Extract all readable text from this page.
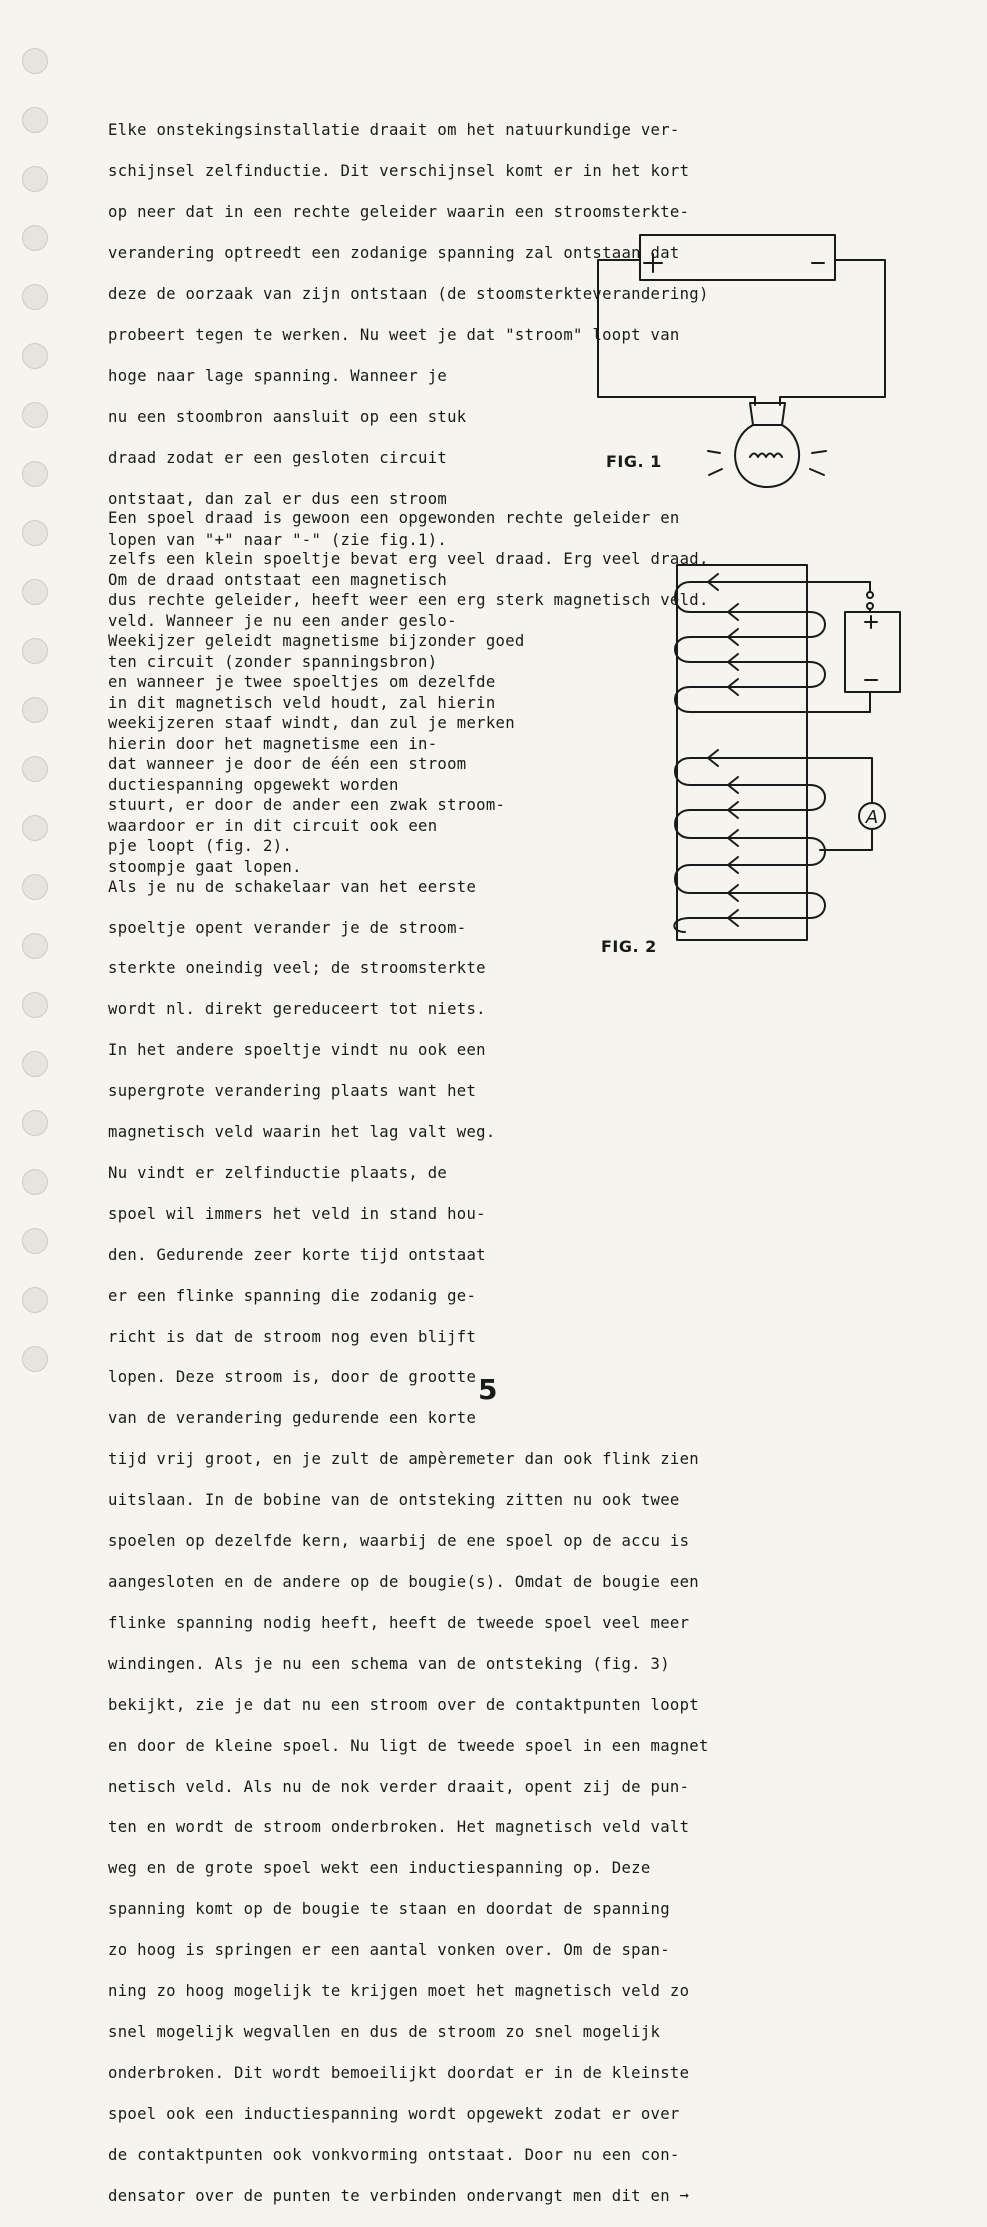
Elke onstekingsinstallatie draait om het natuurkundige ver-

schijnsel zelfinductie. Dit verschijnsel komt er in het kort

op neer dat in een rechte geleider waarin een stroomsterkte-

verandering optreedt een zodanige spanning zal ontstaan dat

deze de oorzaak van zijn ontstaan (de stoomsterkteverandering)

probeert tegen te werken. Nu weet je dat "stroom" loopt van

hoge naar lage spanning. Wanneer je

nu een stoombron aansluit op een stuk

draad zodat er een gesloten circuit

ontstaat, dan zal er dus een stroom

lopen van "+" naar "-" (zie fig.1).

Om de draad ontstaat een magnetisch

veld. Wanneer je nu een ander geslo-

ten circuit (zonder spanningsbron)

in dit magnetisch veld houdt, zal hierin

hierin door het magnetisme een in-

ductiespanning opgewekt worden

waardoor er in dit circuit ook een

stoompje gaat lopen.

Een spoel draad is gewoon een opgewonden rechte geleider en

zelfs een klein spoeltje bevat erg veel draad. Erg veel draad,

dus rechte geleider, heeft weer een erg sterk magnetisch veld.

Weekijzer geleidt magnetisme bijzonder goed

en wanneer je twee spoeltjes om dezelfde

weekijzeren staaf windt, dan zul je merken

dat wanneer je door de één een stroom

stuurt, er door de ander een zwak stroom-

pje loopt (fig. 2).

Als je nu de schakelaar van het eerste

spoeltje opent verander je de stroom-

sterkte oneindig veel; de stroomsterkte

wordt nl. direkt gereduceert tot niets.

In het andere spoeltje vindt nu ook een

supergrote verandering plaats want het

magnetisch veld waarin het lag valt weg.

Nu vindt er zelfinductie plaats, de

spoel wil immers het veld in stand hou-

den. Gedurende zeer korte tijd ontstaat

er een flinke spanning die zodanig ge-

richt is dat de stroom nog even blijft

lopen. Deze stroom is, door de grootte

van de verandering gedurende een korte

tijd vrij groot, en je zult de ampèremeter dan ook flink zien

uitslaan. In de bobine van de ontsteking zitten nu ook twee

spoelen op dezelfde kern, waarbij de ene spoel op de accu is

aangesloten en de andere op de bougie(s). Omdat de bougie een

flinke spanning nodig heeft, heeft de tweede spoel veel meer

windingen. Als je nu een schema van de ontsteking (fig. 3)

bekijkt, zie je dat nu een stroom over de contaktpunten loopt

en door de kleine spoel. Nu ligt de tweede spoel in een magnet

netisch veld. Als nu de nok verder draait, opent zij de pun-

ten en wordt de stroom onderbroken. Het magnetisch veld valt

weg en de grote spoel wekt een inductiespanning op. Deze

spanning komt op de bougie te staan en doordat de spanning

zo hoog is springen er een aantal vonken over. Om de span-

ning zo hoog mogelijk te krijgen moet het magnetisch veld zo

snel mogelijk wegvallen en dus de stroom zo snel mogelijk

onderbroken. Dit wordt bemoeilijkt doordat er in de kleinste

spoel ook een inductiespanning wordt opgewekt zodat er over

de contaktpunten ook vonkvorming ontstaat. Door nu een con-

densator over de punten te verbinden ondervangt men dit en ➞

FIG. 1
A
FIG. 2
5
